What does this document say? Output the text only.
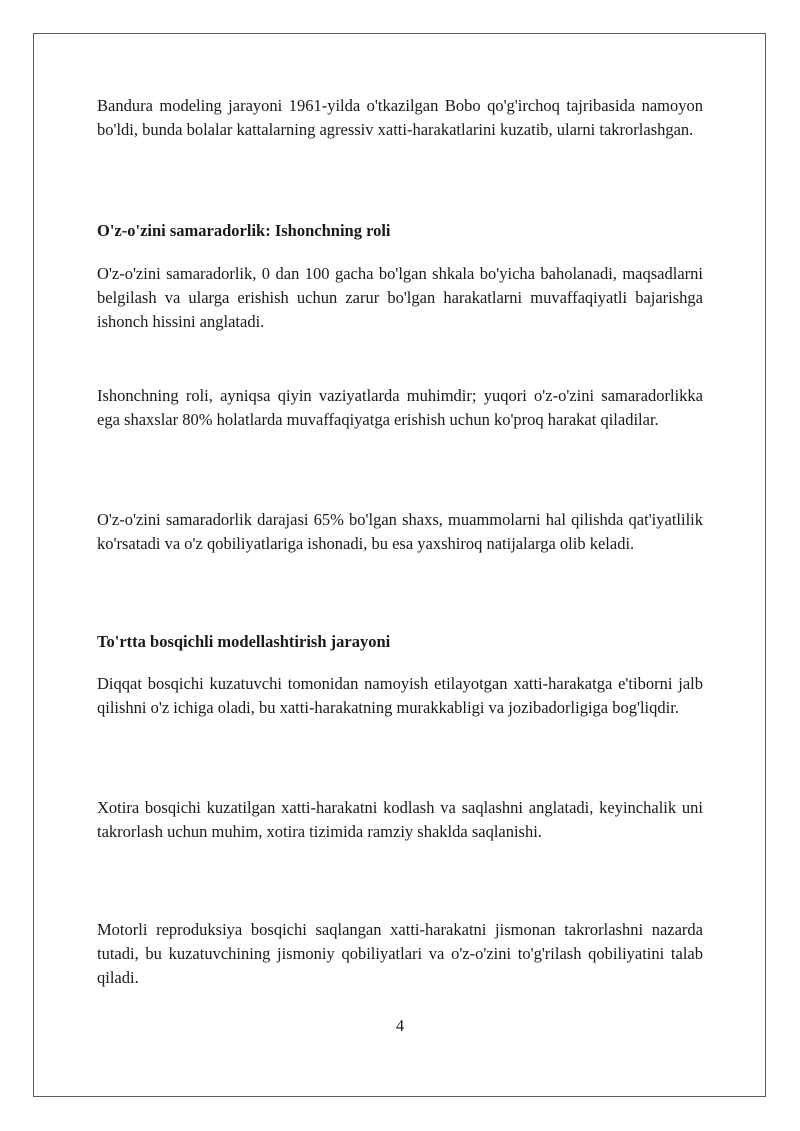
Bandura modeling jarayoni 1961-yilda o'tkazilgan Bobo qo'g'irchoq tajribasida namoyon bo'ldi, bunda bolalar kattalarning agressiv xatti-harakatlarini kuzatib, ularni takrorlashgan.

O'z-o'zini samaradorlik: Ishonchning roli

O'z-o'zini samaradorlik, 0 dan 100 gacha bo'lgan shkala bo'yicha baholanadi, maqsadlarni belgilash va ularga erishish uchun zarur bo'lgan harakatlarni muvaffaqiyatli bajarishga ishonch hissini anglatadi.

Ishonchning roli, ayniqsa qiyin vaziyatlarda muhimdir; yuqori o'z-o'zini samaradorlikka ega shaxslar 80% holatlarda muvaffaqiyatga erishish uchun ko'proq harakat qiladilar.

O'z-o'zini samaradorlik darajasi 65% bo'lgan shaxs, muammolarni hal qilishda qat'iyatlilik ko'rsatadi va o'z qobiliyatlariga ishonadi, bu esa yaxshiroq natijalarga olib keladi.

To'rtta bosqichli modellashtirish jarayoni

Diqqat bosqichi kuzatuvchi tomonidan namoyish etilayotgan xatti-harakatga e'tiborni jalb qilishni o'z ichiga oladi, bu xatti-harakatning murakkabligi va jozibadorligiga bog'liqdir.

Xotira bosqichi kuzatilgan xatti-harakatni kodlash va saqlashni anglatadi, keyinchalik uni takrorlash uchun muhim, xotira tizimida ramziy shaklda saqlanishi.

Motorli reproduksiya bosqichi saqlangan xatti-harakatni jismonan takrorlashni nazarda tutadi, bu kuzatuvchining jismoniy qobiliyatlari va o'z-o'zini to'g'rilash qobiliyatini talab qiladi.

4
